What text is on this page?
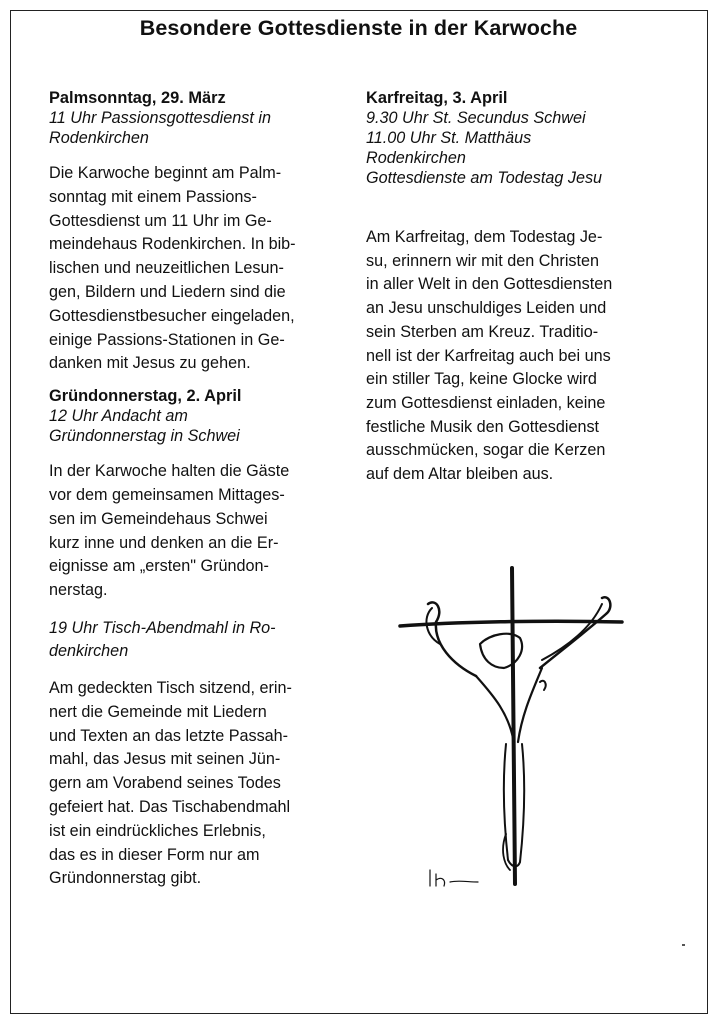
Besondere Gottesdienste in der Karwoche
Palmsonntag, 29. März
11 Uhr Passionsgottesdienst in
Rodenkirchen
Die Karwoche beginnt am Palm-
sonntag mit einem Passions-
Gottesdienst um 11 Uhr im Ge-
meindehaus Rodenkirchen. In bib-
lischen und neuzeitlichen Lesun-
gen, Bildern und Liedern sind die
Gottesdienstbesucher eingeladen,
einige Passions-Stationen in Ge-
danken mit Jesus zu gehen.
Gründonnerstag, 2. April
12 Uhr Andacht am
Gründonnerstag in Schwei
In der Karwoche halten die Gäste
vor dem gemeinsamen Mittages-
sen im Gemeindehaus Schwei
kurz inne und denken an die Er-
eignisse am „ersten" Gründon-
nerstag.
19 Uhr Tisch-Abendmahl in Ro-
denkirchen
Am gedeckten Tisch sitzend, erin-
nert die Gemeinde mit Liedern
und Texten an das letzte Passah-
mahl, das Jesus mit seinen Jün-
gern am Vorabend seines Todes
gefeiert hat. Das Tischabendmahl
ist ein eindrückliches Erlebnis,
das es in dieser Form nur am
Gründonnerstag gibt.
Karfreitag, 3. April
9.30 Uhr St. Secundus Schwei
11.00 Uhr St. Matthäus
Rodenkirchen
Gottesdienste am Todestag Jesu
Am Karfreitag, dem Todestag Je-
su, erinnern wir mit den Christen
in aller Welt in den Gottesdiensten
an Jesu unschuldiges Leiden und
sein Sterben am Kreuz. Traditio-
nell ist der Karfreitag auch bei uns
ein stiller Tag, keine Glocke wird
zum Gottesdienst einladen, keine
festliche Musik den Gottesdienst
ausschmücken, sogar die Kerzen
auf dem Altar bleiben aus.
